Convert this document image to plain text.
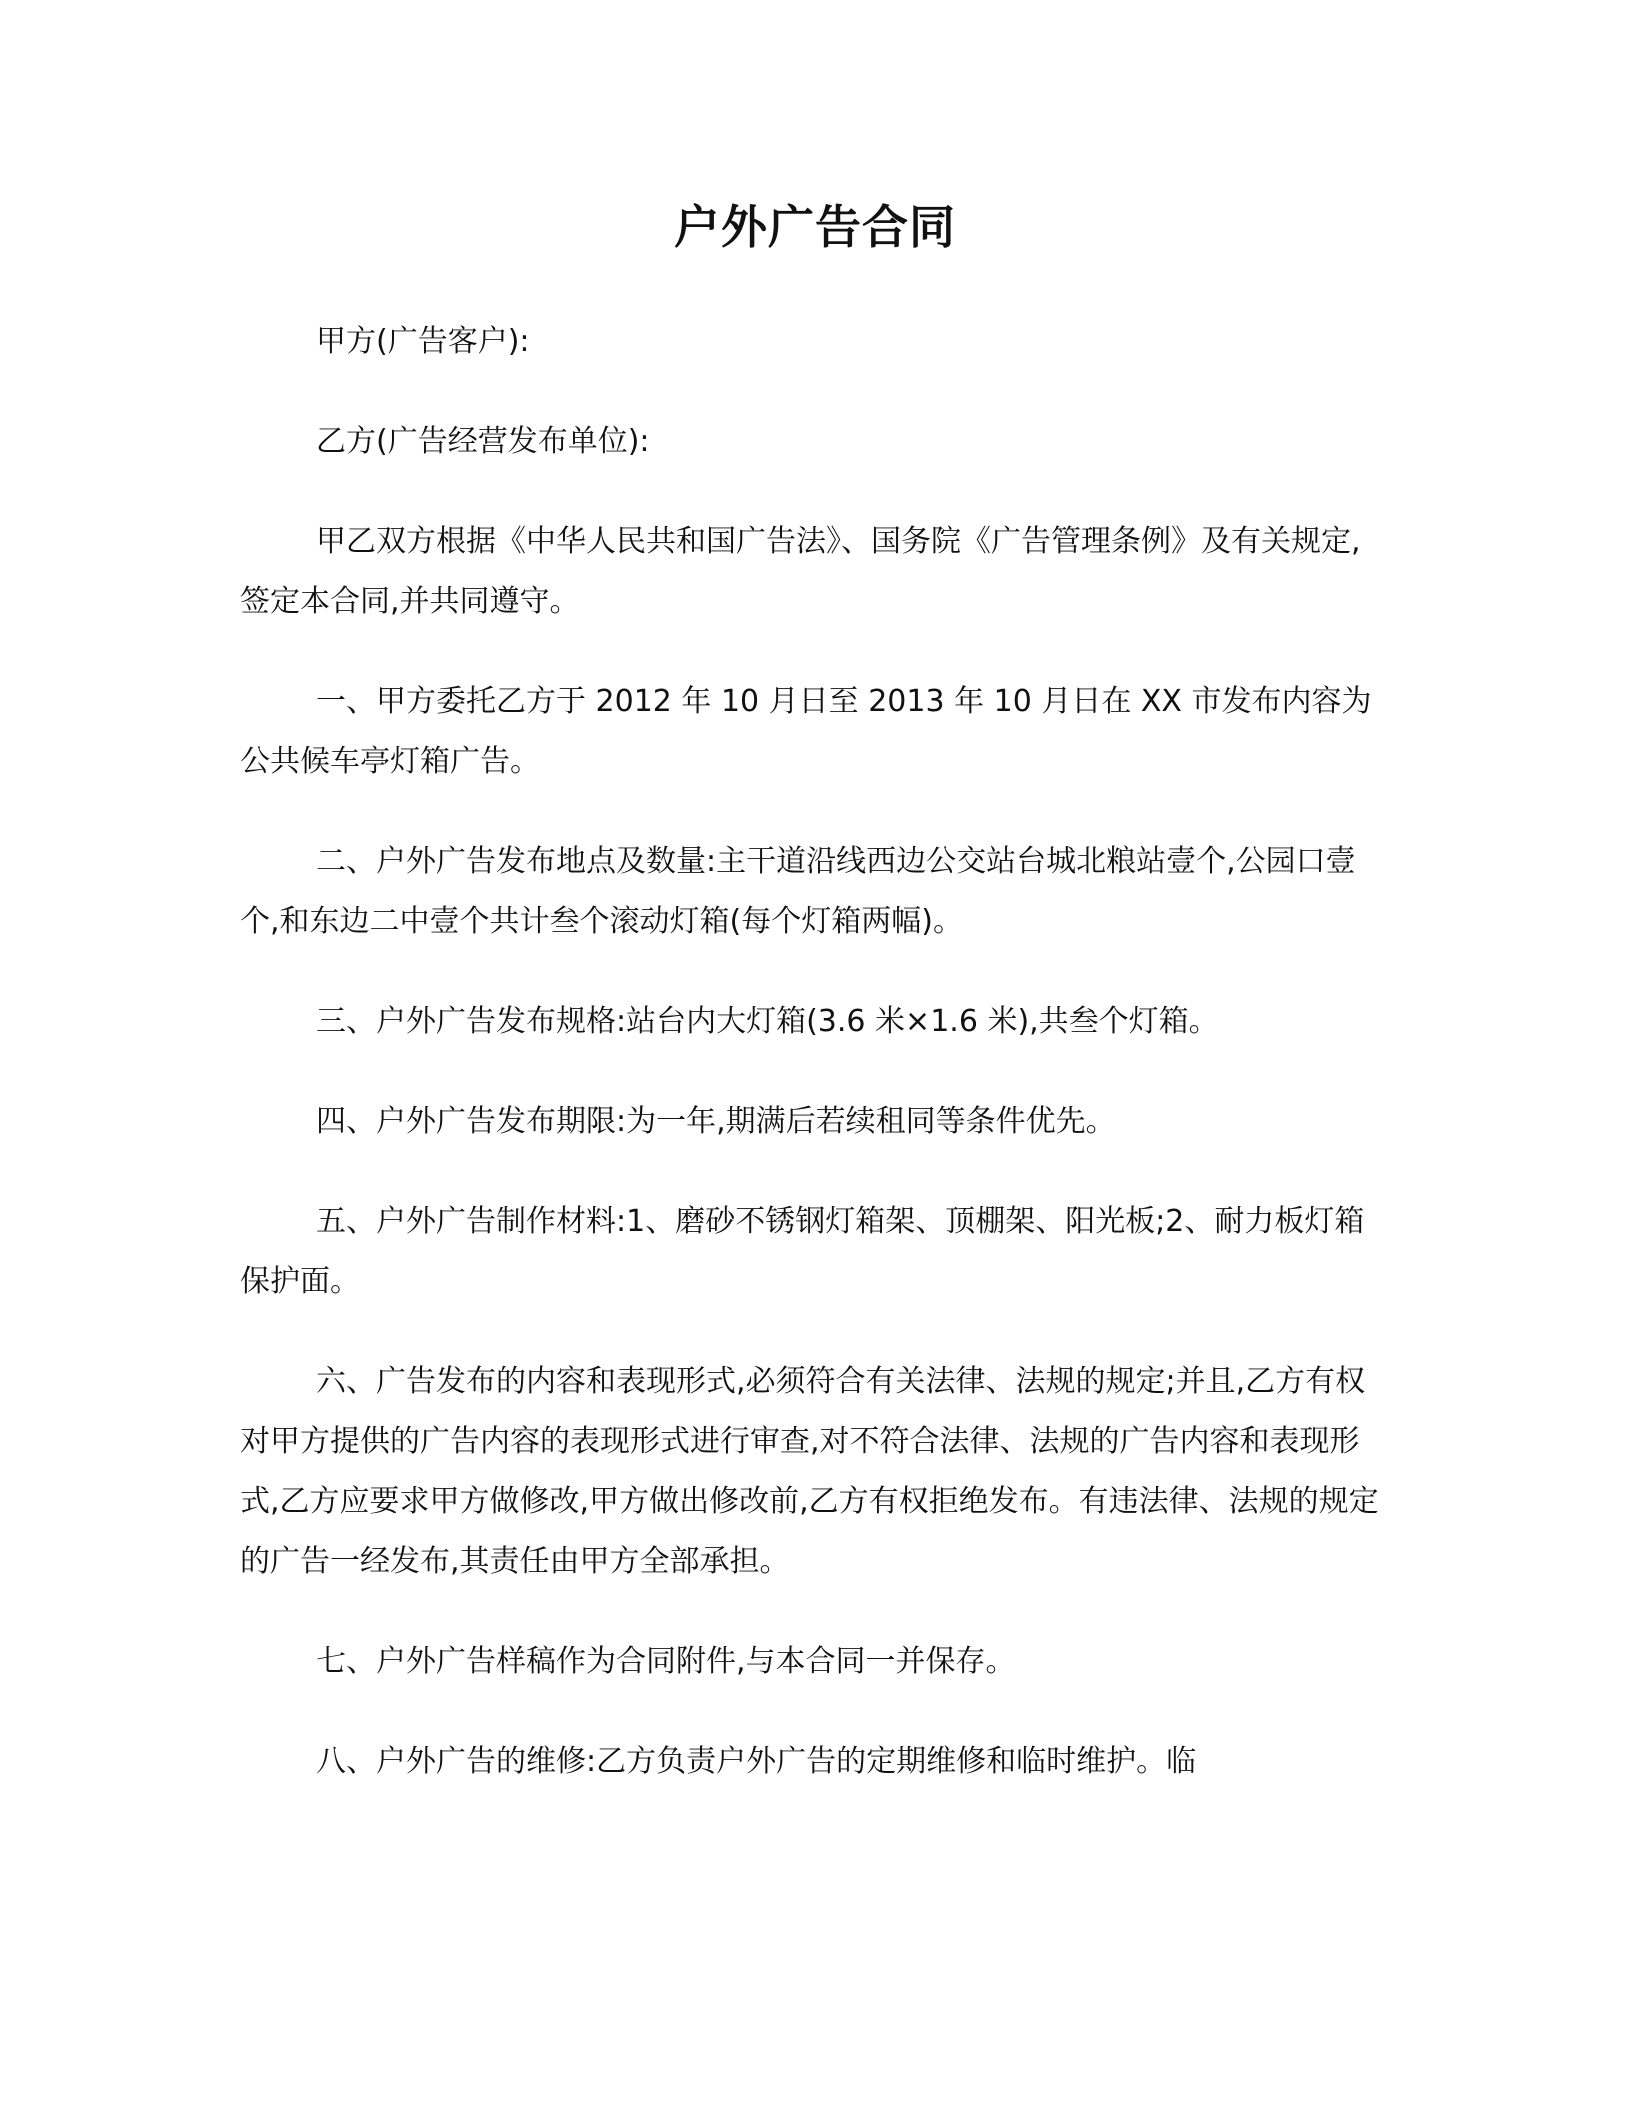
户外广告合同

甲方(广告客户):

乙方(广告经营发布单位):

甲乙双方根据《中华人民共和国广告法》、国务院《广告管理条例》及有关规定,签定本合同,并共同遵守。

一、甲方委托乙方于 2012 年 10 月日至 2013 年 10 月日在 XX 市发布内容为公共候车亭灯箱广告。

二、户外广告发布地点及数量:主干道沿线西边公交站台城北粮站壹个,公园口壹个,和东边二中壹个共计叁个滚动灯箱(每个灯箱两幅)。

三、户外广告发布规格:站台内大灯箱(3.6 米×1.6 米),共叁个灯箱。

四、户外广告发布期限:为一年,期满后若续租同等条件优先。

五、户外广告制作材料:1、磨砂不锈钢灯箱架、顶棚架、阳光板;2、耐力板灯箱保护面。

六、广告发布的内容和表现形式,必须符合有关法律、法规的规定;并且,乙方有权对甲方提供的广告内容的表现形式进行审查,对不符合法律、法规的广告内容和表现形式,乙方应要求甲方做修改,甲方做出修改前,乙方有权拒绝发布。有违法律、法规的规定的广告一经发布,其责任由甲方全部承担。

七、户外广告样稿作为合同附件,与本合同一并保存。

八、户外广告的维修:乙方负责户外广告的定期维修和临时维护。临
